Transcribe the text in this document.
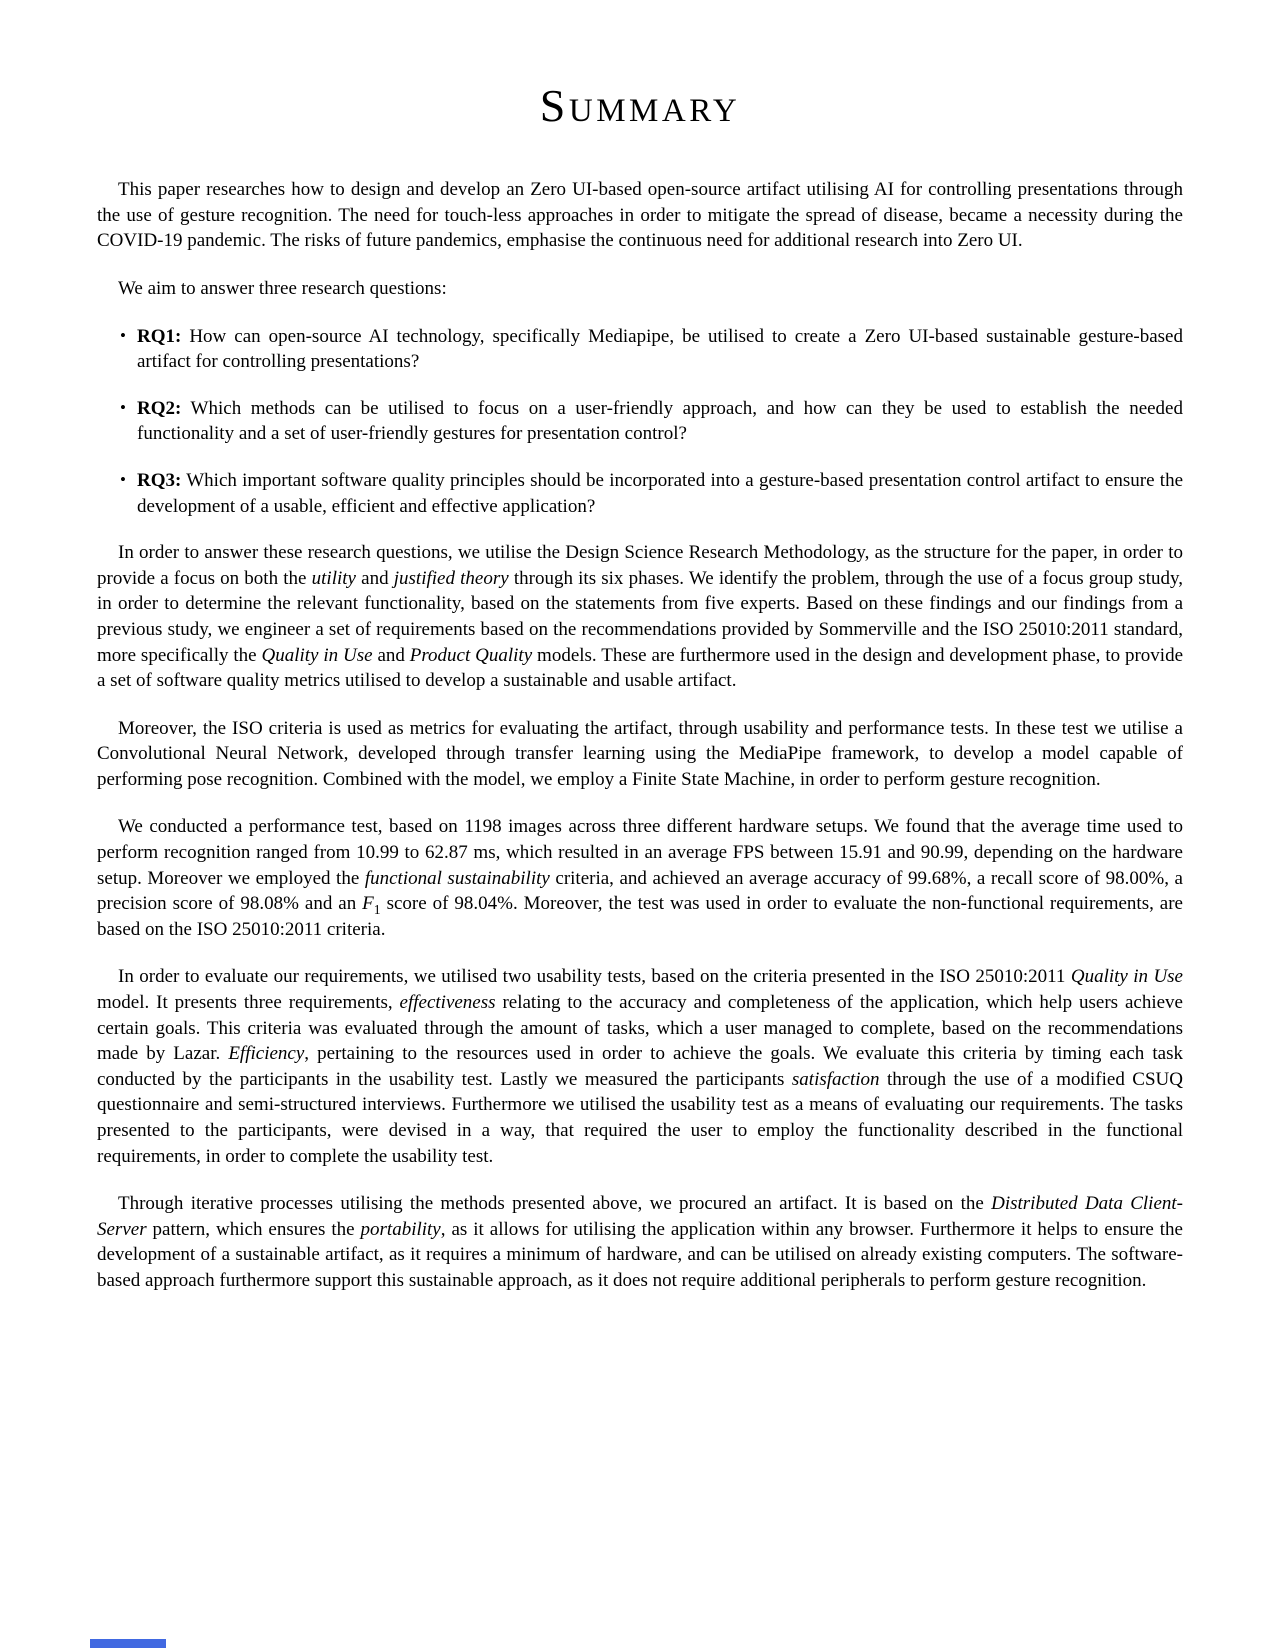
SUMMARY
This paper researches how to design and develop an Zero UI-based open-source artifact utilising AI for controlling presentations through the use of gesture recognition. The need for touch-less approaches in order to mitigate the spread of disease, became a necessity during the COVID-19 pandemic. The risks of future pandemics, emphasise the continuous need for additional research into Zero UI.
We aim to answer three research questions:
• RQ1: How can open-source AI technology, specifically Mediapipe, be utilised to create a Zero UI-based sustainable gesture-based artifact for controlling presentations?
• RQ2: Which methods can be utilised to focus on a user-friendly approach, and how can they be used to establish the needed functionality and a set of user-friendly gestures for presentation control?
• RQ3: Which important software quality principles should be incorporated into a gesture-based presentation control artifact to ensure the development of a usable, efficient and effective application?
In order to answer these research questions, we utilise the Design Science Research Methodology, as the structure for the paper, in order to provide a focus on both the utility and justified theory through its six phases. We identify the problem, through the use of a focus group study, in order to determine the relevant functionality, based on the statements from five experts. Based on these findings and our findings from a previous study, we engineer a set of requirements based on the recommendations provided by Sommerville and the ISO 25010:2011 standard, more specifically the Quality in Use and Product Quality models. These are furthermore used in the design and development phase, to provide a set of software quality metrics utilised to develop a sustainable and usable artifact.
Moreover, the ISO criteria is used as metrics for evaluating the artifact, through usability and performance tests. In these test we utilise a Convolutional Neural Network, developed through transfer learning using the MediaPipe framework, to develop a model capable of performing pose recognition. Combined with the model, we employ a Finite State Machine, in order to perform gesture recognition.
We conducted a performance test, based on 1198 images across three different hardware setups. We found that the average time used to perform recognition ranged from 10.99 to 62.87 ms, which resulted in an average FPS between 15.91 and 90.99, depending on the hardware setup. Moreover we employed the functional sustainability criteria, and achieved an average accuracy of 99.68%, a recall score of 98.00%, a precision score of 98.08% and an $F_1$ score of 98.04%. Moreover, the test was used in order to evaluate the non-functional requirements, are based on the ISO 25010:2011 criteria.
In order to evaluate our requirements, we utilised two usability tests, based on the criteria presented in the ISO 25010:2011 Quality in Use model. It presents three requirements, effectiveness relating to the accuracy and completeness of the application, which help users achieve certain goals. This criteria was evaluated through the amount of tasks, which a user managed to complete, based on the recommendations made by Lazar. Efficiency, pertaining to the resources used in order to achieve the goals. We evaluate this criteria by timing each task conducted by the participants in the usability test. Lastly we measured the participants satisfaction through the use of a modified CSUQ questionnaire and semi-structured interviews. Furthermore we utilised the usability test as a means of evaluating our requirements. The tasks presented to the participants, were devised in a way, that required the user to employ the functionality described in the functional requirements, in order to complete the usability test.
Through iterative processes utilising the methods presented above, we procured an artifact. It is based on the Distributed Data Client-Server pattern, which ensures the portability, as it allows for utilising the application within any browser. Furthermore it helps to ensure the development of a sustainable artifact, as it requires a minimum of hardware, and can be utilised on already existing computers. The software-based approach furthermore support this sustainable approach, as it does not require additional peripherals to perform gesture recognition.
